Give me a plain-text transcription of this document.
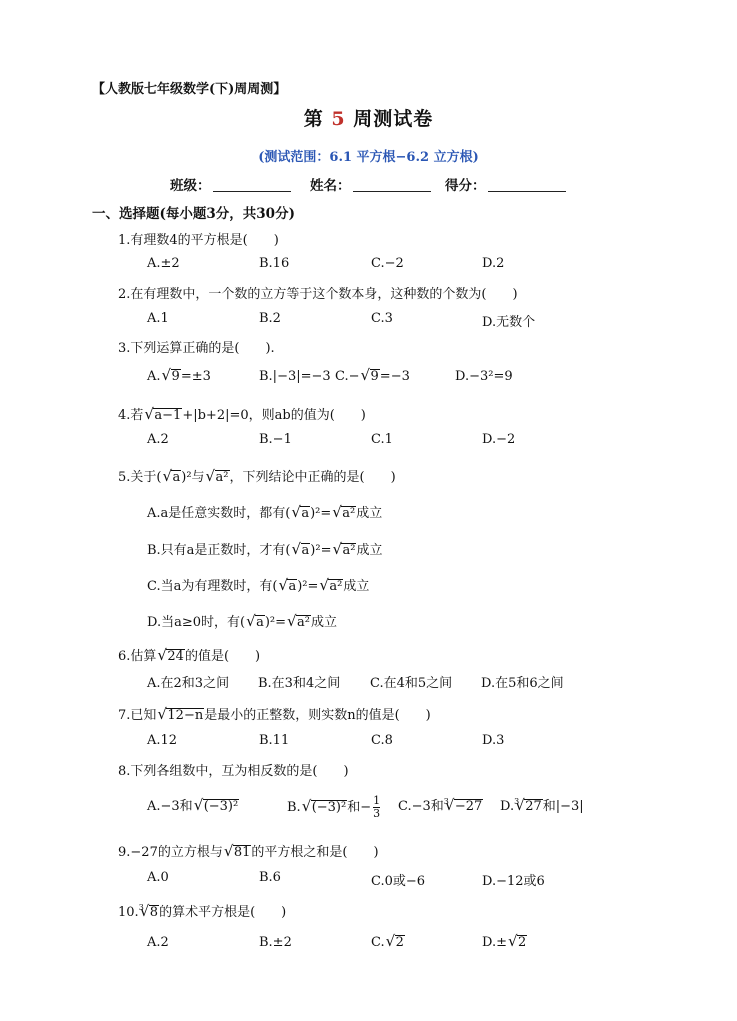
【人教版七年级数学(下)周周测】
第 5 周测试卷
(测试范围：6.1 平方根−6.2 立方根)
班级：	姓名：	得分：
一、选择题(每小题3分，共30分)
1.有理数4的平方根是(　　)
A.±2	B.16	C.−2	D.2
2.在有理数中，一个数的立方等于这个数本身，这种数的个数为(　　)
A.1	B.2	C.3	D.无数个
3.下列运算正确的是(　　).
A. √ 9=±3	B.|−3|=−3 C.− √ 9=−3	D.−3²=9
4.若 √ a−1+|b+2|=0，则ab的值为(　　)
A.2	B.−1	C.1	D.−2
5.关于( √ a)²与 √ a²，下列结论中正确的是(　　)
A.a是任意实数时，都有( √ a)²= √ a²成立
B.只有a是正数时，才有( √ a)²= √ a²成立
C.当a为有理数时，有( √ a)²= √ a²成立
D.当a≥0时，有( √ a)²= √ a²成立
6.估算 √ 24的值是(　　)
A.在2和3之间 B.在3和4之间 C.在4和5之间 D.在5和6之间
7.已知 √ 12−n是最小的正整数，则实数n的值是(　　)
A.12	B.11	C.8	D.3
8.下列各组数中，互为相反数的是(　　)
A.−3和 √ (−3)²	B. √ (−3)²和− $\frac{1}{3} C.-3$和$^3$ √ −27 D.$^3$ √ 27和|−3|
9.−27的立方根与 √ 81的平方根之和是(　　)
A.0	B.6	C.0或−6	D.−12或6
10.$^3$ √ 8的算术平方根是(　　)
A.2	B.±2	C. √ 2	D.± √ 2
